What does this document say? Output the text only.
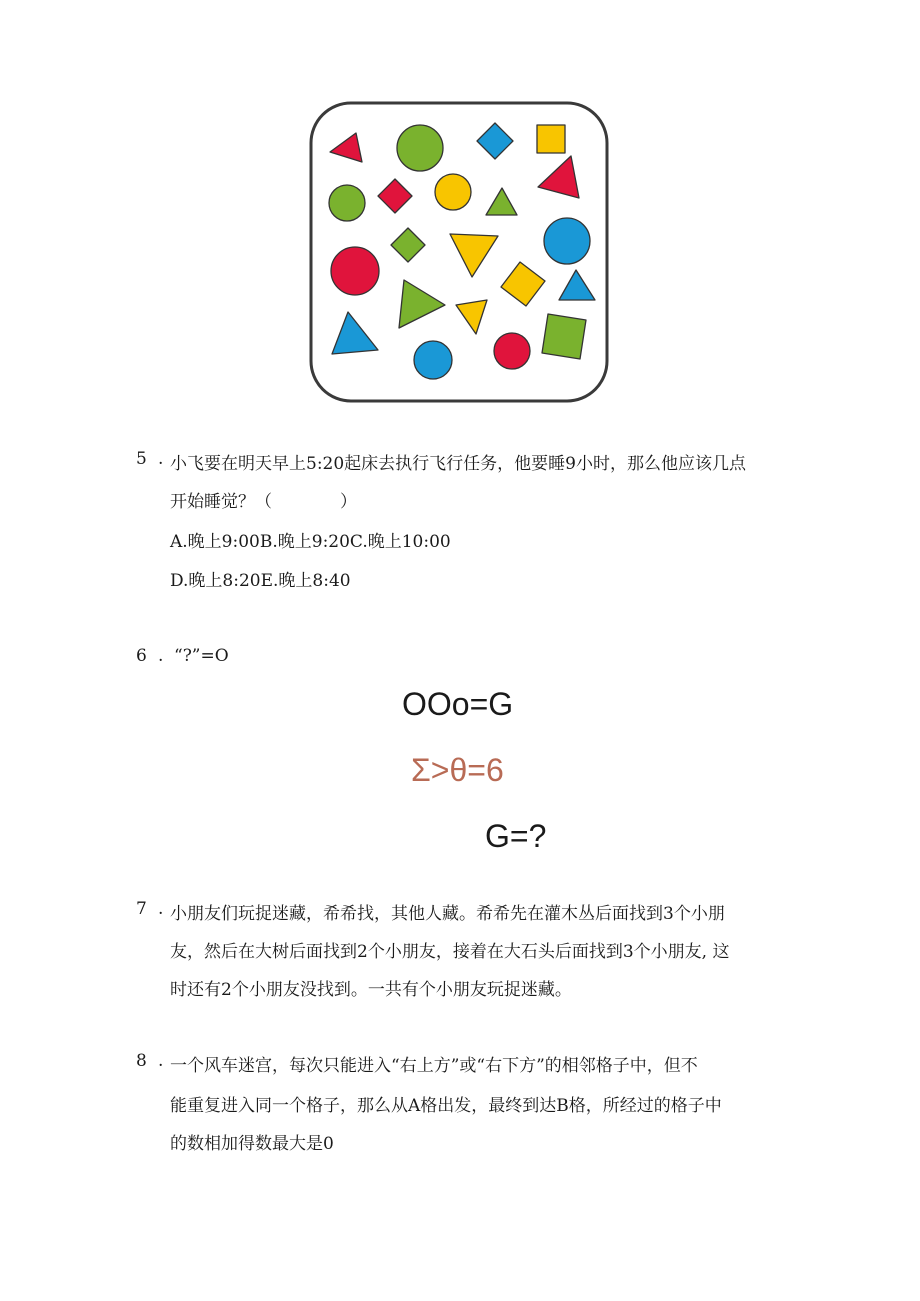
5 . 小飞要在明天早上5:20起床去执行飞行任务，他要睡9小时，那么他应该几点
开始睡觉？（　　　　）
A.晚上9:00B.晚上9:20C.晚上10:00
D.晚上8:20E.晚上8:40
6 . “?”=O
OOo=G
Σ>θ=6
G=?
7 . 小朋友们玩捉迷藏，希希找，其他人藏。希希先在灌木丛后面找到3个小朋
友，然后在大树后面找到2个小朋友，接着在大石头后面找到3个小朋友, 这
时还有2个小朋友没找到。一共有个小朋友玩捉迷藏。
8 . 一个风车迷宫，每次只能进入“右上方”或“右下方”的相邻格子中，但不
能重复进入同一个格子，那么从A格出发，最终到达B格，所经过的格子中
的数相加得数最大是0
